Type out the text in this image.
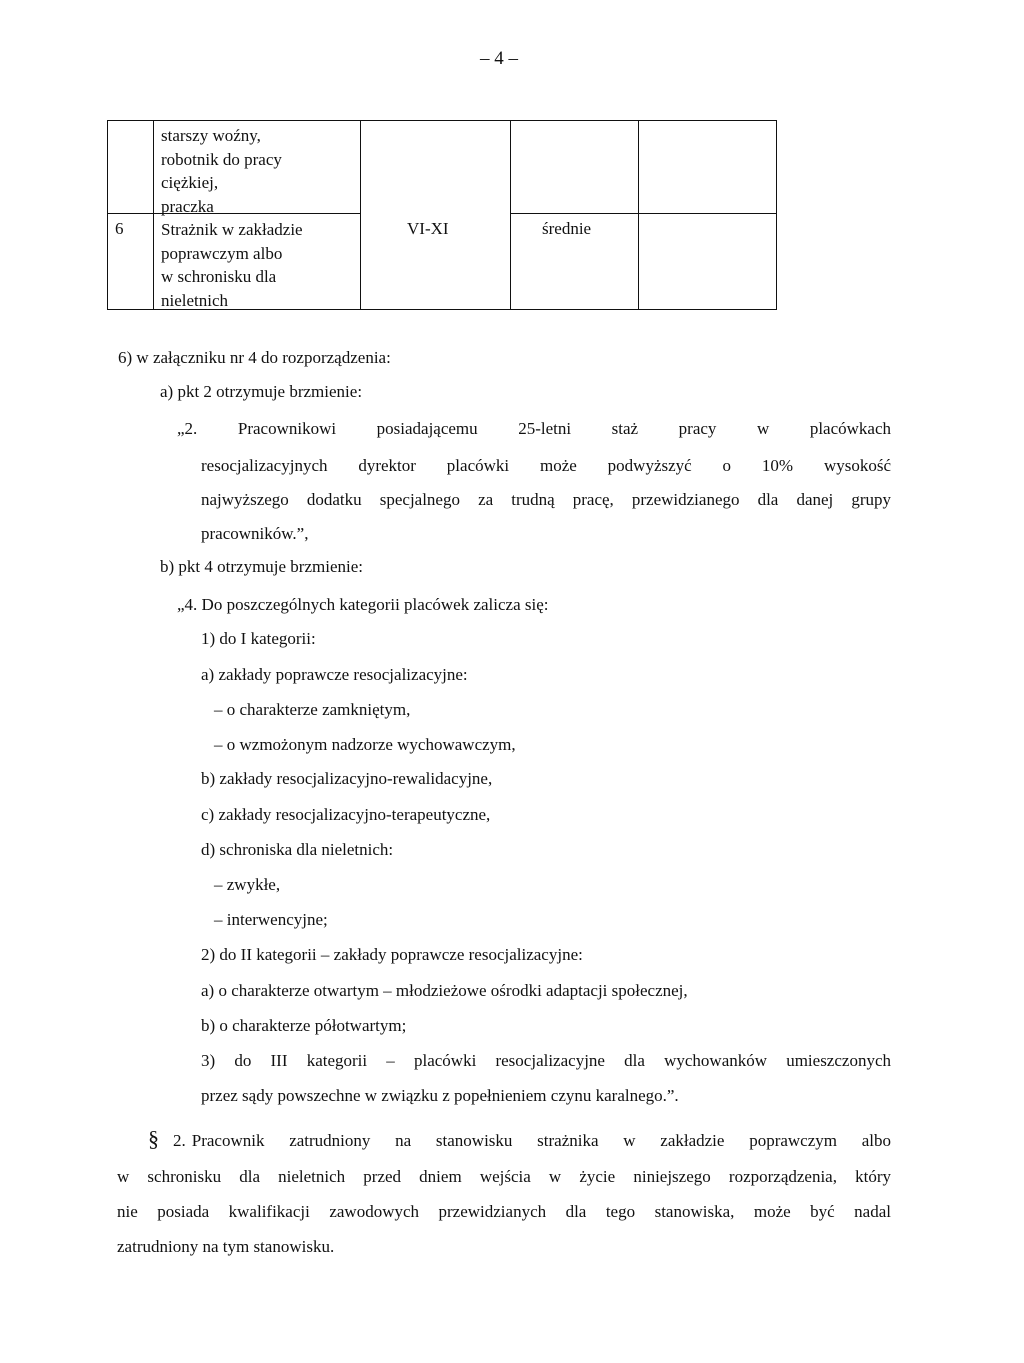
– 4 –
6
starszy woźny,
robotnik do pracy
ciężkiej,
praczka
Strażnik w zakładzie
poprawczym albo
w schronisku dla
nieletnich
VI-XI	średnie
6) w załączniku nr 4 do rozporządzenia:
a) pkt 2 otrzymuje brzmienie:
„2. Pracownikowi posiadającemu 25-letni staż pracy w placówkach
resocjalizacyjnych dyrektor placówki może podwyższyć o 10% wysokość
najwyższego dodatku specjalnego za trudną pracę, przewidzianego dla danej grupy
pracowników.”,
b) pkt 4 otrzymuje brzmienie:
„4. Do poszczególnych kategorii placówek zalicza się:
1) do I kategorii:
a) zakłady poprawcze resocjalizacyjne:
– o charakterze zamkniętym,
– o wzmożonym nadzorze wychowawczym,
b) zakłady resocjalizacyjno-rewalidacyjne,
c) zakłady resocjalizacyjno-terapeutyczne,
d) schroniska dla nieletnich:
– zwykłe,
– interwencyjne;
2) do II kategorii – zakłady poprawcze resocjalizacyjne:
a) o charakterze otwartym – młodzieżowe ośrodki adaptacji społecznej,
b) o charakterze półotwartym;
3) do III kategorii – placówki resocjalizacyjne dla wychowanków umieszczonych
przez sądy powszechne w związku z popełnieniem czynu karalnego.”.
§ 2. Pracownik zatrudniony na stanowisku strażnika w zakładzie poprawczym albo
w schronisku dla nieletnich przed dniem wejścia w życie niniejszego rozporządzenia, który
nie posiada kwalifikacji zawodowych przewidzianych dla tego stanowiska, może być nadal
zatrudniony na tym stanowisku.
